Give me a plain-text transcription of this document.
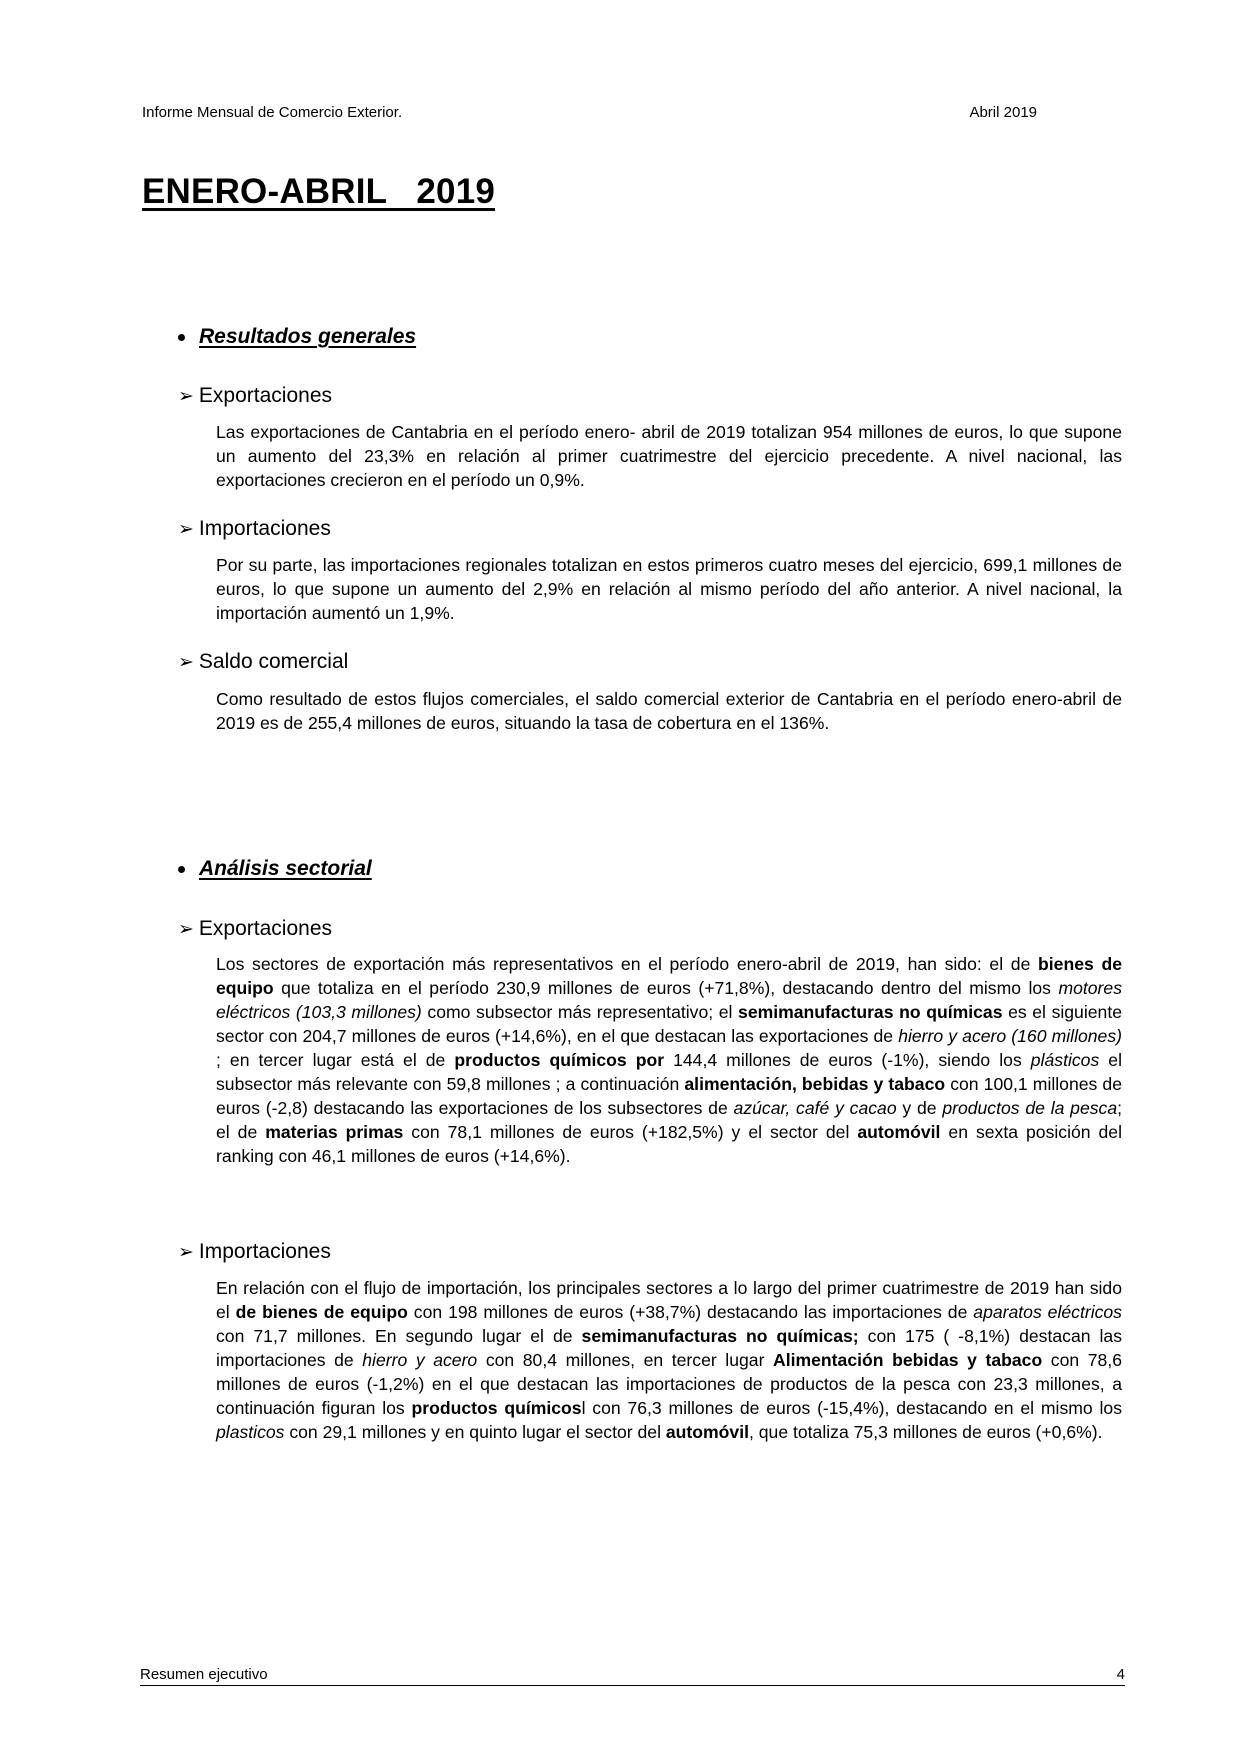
Informe Mensual de Comercio Exterior.	Abril 2019
ENERO-ABRIL   2019
Resultados generales
➢ Exportaciones

Las exportaciones de Cantabria en el período enero- abril de 2019 totalizan 954 millones de euros, lo que supone un aumento del 23,3% en relación al primer cuatrimestre del ejercicio precedente. A nivel nacional, las exportaciones crecieron en el período un 0,9%.

➢ Importaciones

Por su parte, las importaciones regionales totalizan en estos primeros cuatro meses del ejercicio, 699,1 millones de euros, lo que supone un aumento del 2,9% en relación al mismo período del año anterior. A nivel nacional, la importación aumentó un 1,9%.

➢ Saldo comercial

Como resultado de estos flujos comerciales, el saldo comercial exterior de Cantabria en el período enero-abril de 2019 es de 255,4 millones de euros, situando la tasa de cobertura en el 136%.

Análisis sectorial
➢ Exportaciones

Los sectores de exportación más representativos en el período enero-abril de 2019, han sido: el de bienes de equipo que totaliza en el período 230,9 millones de euros (+71,8%), destacando dentro del mismo los motores eléctricos (103,3 millones) como subsector más representativo; el semimanufacturas no químicas es el siguiente sector con 204,7 millones de euros (+14,6%), en el que destacan las exportaciones de hierro y acero (160 millones) ; en tercer lugar está el de productos químicos por 144,4 millones de euros (-1%), siendo los plásticos el subsector más relevante con 59,8 millones ; a continuación alimentación, bebidas y tabaco con 100,1 millones de euros (-2,8) destacando las exportaciones de los subsectores de azúcar, café y cacao y de productos de la pesca; el de materias primas con 78,1 millones de euros (+182,5%) y el sector del automóvil en sexta posición del ranking con 46,1 millones de euros (+14,6%).

➢ Importaciones

En relación con el flujo de importación, los principales sectores a lo largo del primer cuatrimestre de 2019 han sido el de bienes de equipo con 198 millones de euros (+38,7%) destacando las importaciones de aparatos eléctricos con 71,7 millones. En segundo lugar el de semimanufacturas no químicas; con 175 ( -8,1%) destacan las importaciones de hierro y acero con 80,4 millones, en tercer lugar Alimentación bebidas y tabaco con 78,6 millones de euros (-1,2%) en el que destacan las importaciones de productos de la pesca con 23,3 millones, a continuación figuran los productos químicosl con 76,3 millones de euros (-15,4%), destacando en el mismo los plasticos con 29,1 millones y en quinto lugar el sector del automóvil, que totaliza 75,3 millones de euros (+0,6%).

Resumen ejecutivo	4
